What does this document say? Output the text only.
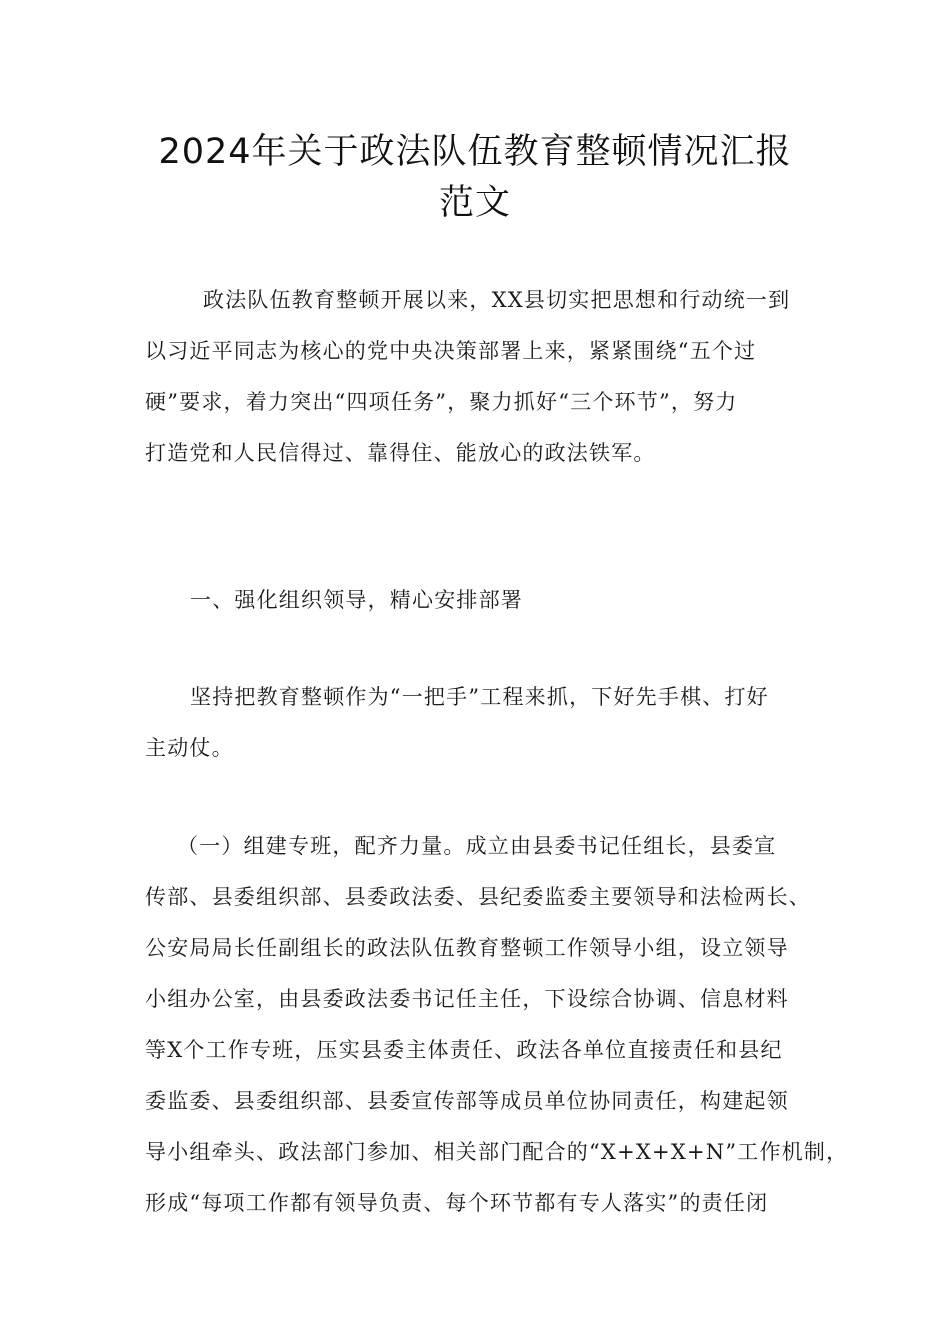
2024年关于政法队伍教育整顿情况汇报
范文

政法队伍教育整顿开展以来，XX县切实把思想和行动统一到
以习近平同志为核心的党中央决策部署上来，紧紧围绕“五个过
硬”要求，着力突出“四项任务”，聚力抓好“三个环节”，努力
打造党和人民信得过、靠得住、能放心的政法铁军。

一、强化组织领导，精心安排部署

坚持把教育整顿作为“一把手”工程来抓，下好先手棋、打好
主动仗。

（一）组建专班，配齐力量。成立由县委书记任组长，县委宣
传部、县委组织部、县委政法委、县纪委监委主要领导和法检两长、
公安局局长任副组长的政法队伍教育整顿工作领导小组，设立领导
小组办公室，由县委政法委书记任主任，下设综合协调、信息材料
等X个工作专班，压实县委主体责任、政法各单位直接责任和县纪
委监委、县委组织部、县委宣传部等成员单位协同责任，构建起领
导小组牵头、政法部门参加、相关部门配合的“X+X+X+N”工作机制，
形成“每项工作都有领导负责、每个环节都有专人落实”的责任闭
